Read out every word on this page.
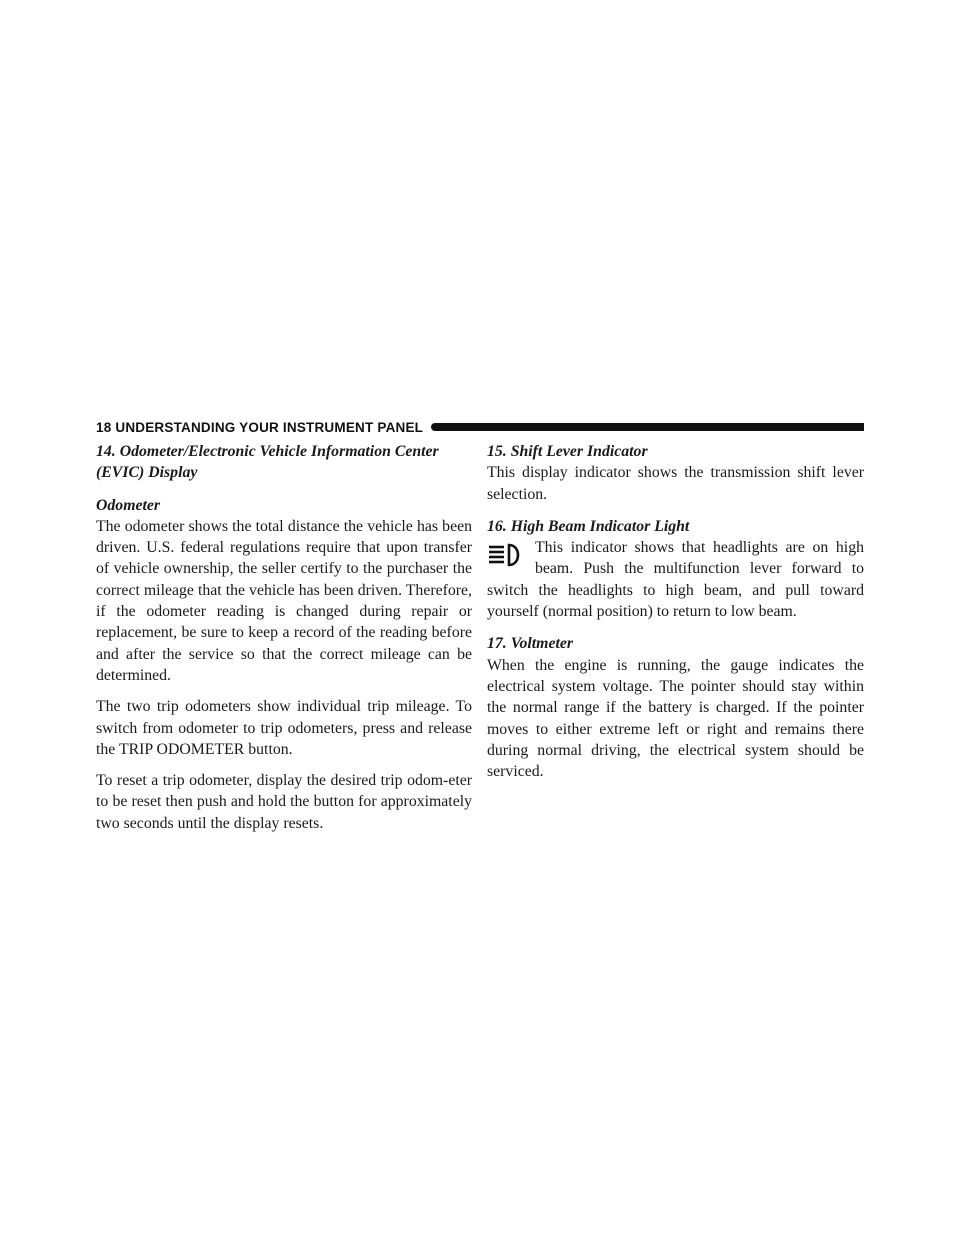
18 UNDERSTANDING YOUR INSTRUMENT PANEL
14. Odometer/Electronic Vehicle Information Center
(EVIC) Display
Odometer

The odometer shows the total distance the vehicle has been driven. U.S. federal regulations require that upon transfer of vehicle ownership, the seller certify to the purchaser the correct mileage that the vehicle has been driven. Therefore, if the odometer reading is changed during repair or replacement, be sure to keep a record of the reading before and after the service so that the correct mileage can be determined.

The two trip odometers show individual trip mileage. To switch from odometer to trip odometers, press and release the TRIP ODOMETER button.

To reset a trip odometer, display the desired trip odom-eter to be reset then push and hold the button for approximately two seconds until the display resets.

15. Shift Lever Indicator

This display indicator shows the transmission shift lever selection.

16. High Beam Indicator Light

This indicator shows that headlights are on high beam. Push the multifunction lever forward to switch the headlights to high beam, and pull toward yourself (normal position) to return to low beam.

17. Voltmeter

When the engine is running, the gauge indicates the electrical system voltage. The pointer should stay within the normal range if the battery is charged. If the pointer moves to either extreme left or right and remains there during normal driving, the electrical system should be serviced.
